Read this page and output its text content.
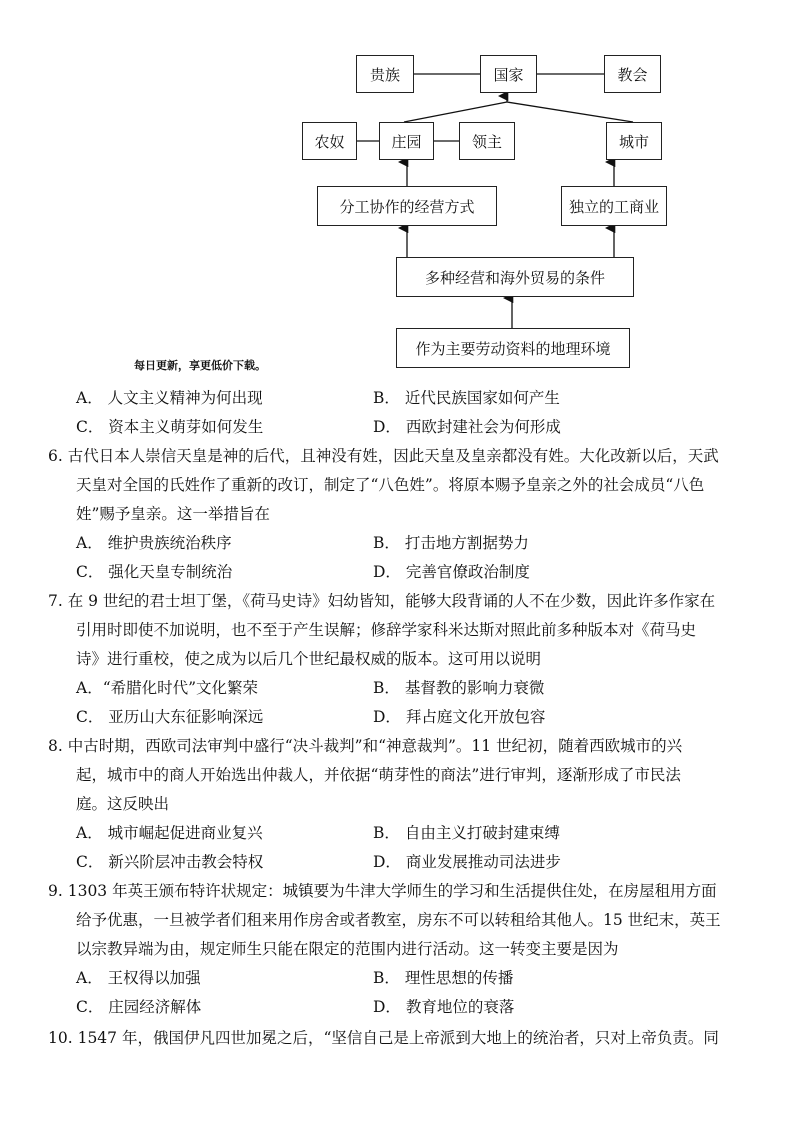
贵族	国家	教会
农奴	庄园	领主	城市
分工协作的经营方式	独立的工商业
多种经营和海外贸易的条件
作为主要劳动资料的地理环境
每日更新，享更低价下载。
A． 人文主义精神为何出现	B． 近代民族国家如何产生
C． 资本主义萌芽如何发生	D． 西欧封建社会为何形成
6. 古代日本人崇信天皇是神的后代，且神没有姓，因此天皇及皇亲都没有姓。大化改新以后，天武
天皇对全国的氏姓作了重新的改订，制定了“八色姓”。将原本赐予皇亲之外的社会成员“八色
姓”赐予皇亲。这一举措旨在
A． 维护贵族统治秩序	B． 打击地方割据势力
C． 强化天皇专制统治	D． 完善官僚政治制度
7. 在 9 世纪的君士坦丁堡，《荷马史诗》妇幼皆知，能够大段背诵的人不在少数，因此许多作家在
引用时即使不加说明，也不至于产生误解；修辞学家科米达斯对照此前多种版本对《荷马史
诗》进行重校，使之成为以后几个世纪最权威的版本。这可用以说明
A．“希腊化时代”文化繁荣	B． 基督教的影响力衰微
C． 亚历山大东征影响深远	D． 拜占庭文化开放包容
8. 中古时期，西欧司法审判中盛行“决斗裁判”和“神意裁判”。11 世纪初，随着西欧城市的兴
起，城市中的商人开始选出仲裁人，并依据“萌芽性的商法”进行审判，逐渐形成了市民法
庭。这反映出
A． 城市崛起促进商业复兴	B． 自由主义打破封建束缚
C． 新兴阶层冲击教会特权	D． 商业发展推动司法进步
9. 1303 年英王颁布特许状规定：城镇要为牛津大学师生的学习和生活提供住处，在房屋租用方面
给予优惠，一旦被学者们租来用作房舍或者教室，房东不可以转租给其他人。15 世纪末，英王
以宗教异端为由，规定师生只能在限定的范围内进行活动。这一转变主要是因为
A． 王权得以加强	B． 理性思想的传播
C． 庄园经济解体	D． 教育地位的衰落
10. 1547 年，俄国伊凡四世加冕之后，“坚信自己是上帝派到大地上的统治者，只对上帝负责。同
